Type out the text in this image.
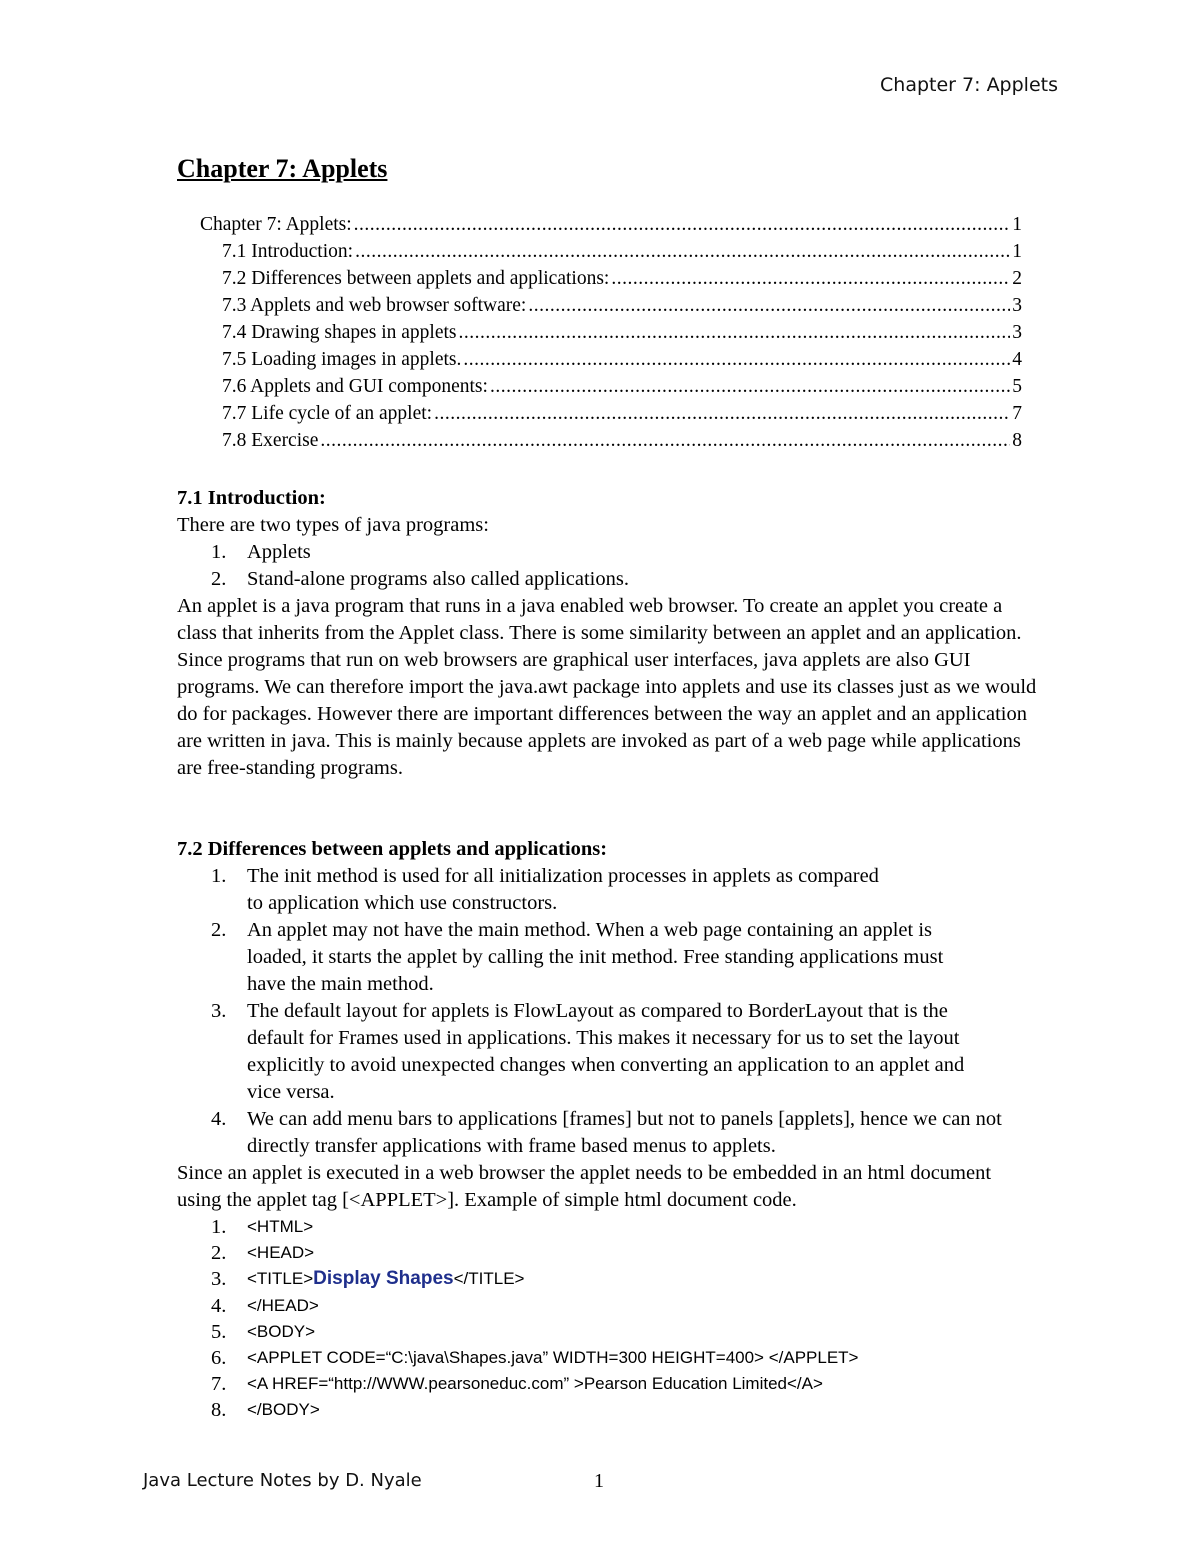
Chapter 7: Applets
Chapter 7: Applets
Chapter 7: Applets: .....	1
7.1 Introduction: .....	1
7.2 Differences between applets and applications: .....	2
7.3 Applets and web browser software: .....	3
7.4 Drawing shapes in applets .....	3
7.5 Loading images in applets. .....	4
7.6 Applets and GUI components: .....	5
7.7 Life cycle of an applet: .....	7
7.8 Exercise .....	8
7.1 Introduction:

There are two types of java programs:

1.	Applets
2.	Stand-alone programs also called applications.

An applet is a java program that runs in a java enabled web browser. To create an applet you create a class that inherits from the Applet class. There is some similarity between an applet and an application. Since programs that run on web browsers are graphical user interfaces, java applets are also GUI programs. We can therefore import the java.awt package into applets and use its classes just as we would do for packages. However there are important differences between the way an applet and an application are written in java. This is mainly because applets are invoked as part of a web page while applications are free-standing programs.

7.2 Differences between applets and applications:
1.	The init method is used for all initialization processes in applets as compared to application which use constructors.
2.	An applet may not have the main method. When a web page containing an applet is loaded, it starts the applet by calling the init method. Free standing applications must have the main method.
3.	The default layout for applets is FlowLayout as compared to BorderLayout that is the default for Frames used in applications. This makes it necessary for us to set the layout explicitly to avoid unexpected changes when converting an application to an applet and vice versa.
4.	We can add menu bars to applications [frames] but not to panels [applets], hence we can not directly transfer applications with frame based menus to applets.

Since an applet is executed in a web browser the applet needs to be embedded in an html document using the applet tag [<APPLET>]. Example of simple html document code.

1.	<HTML>
2.	<HEAD>
3.	<TITLE>Display Shapes</TITLE>
4.	</HEAD>
5.	<BODY>
6.	<APPLET CODE=“C:\java\Shapes.java” WIDTH=300 HEIGHT=400> </APPLET>
7.	<A HREF=“http://WWW.pearsoneduc.com” >Pearson Education Limited</A>
8.	</BODY>
Java Lecture Notes by D. Nyale	1
